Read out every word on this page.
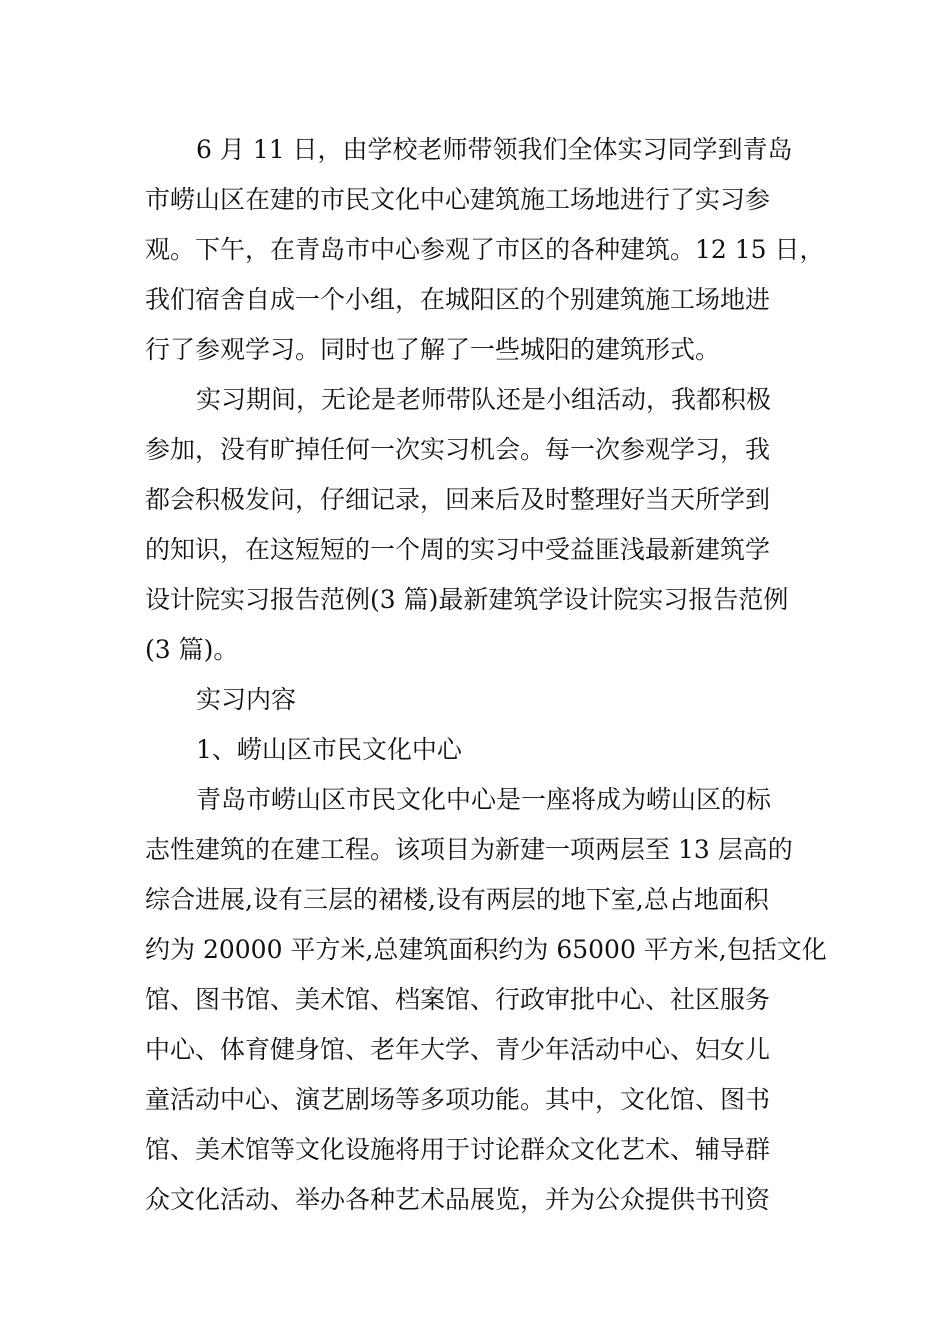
6 月 11 日，由学校老师带领我们全体实习同学到青岛
市崂山区在建的市民文化中心建筑施工场地进行了实习参
观。下午，在青岛市中心参观了市区的各种建筑。12 15 日，
我们宿舍自成一个小组，在城阳区的个别建筑施工场地进
行了参观学习。同时也了解了一些城阳的建筑形式。
实习期间，无论是老师带队还是小组活动，我都积极
参加，没有旷掉任何一次实习机会。每一次参观学习，我
都会积极发问，仔细记录，回来后及时整理好当天所学到
的知识，在这短短的一个周的实习中受益匪浅最新建筑学
设计院实习报告范例(3 篇)最新建筑学设计院实习报告范例
(3 篇)。
实习内容
1、崂山区市民文化中心
青岛市崂山区市民文化中心是一座将成为崂山区的标
志性建筑的在建工程。该项目为新建一项两层至 13 层高的
综合进展,设有三层的裙楼,设有两层的地下室,总占地面积
约为 20000 平方米,总建筑面积约为 65000 平方米,包括文化
馆、图书馆、美术馆、档案馆、行政审批中心、社区服务
中心、体育健身馆、老年大学、青少年活动中心、妇女儿
童活动中心、演艺剧场等多项功能。其中，文化馆、图书
馆、美术馆等文化设施将用于讨论群众文化艺术、辅导群
众文化活动、举办各种艺术品展览，并为公众提供书刊资
